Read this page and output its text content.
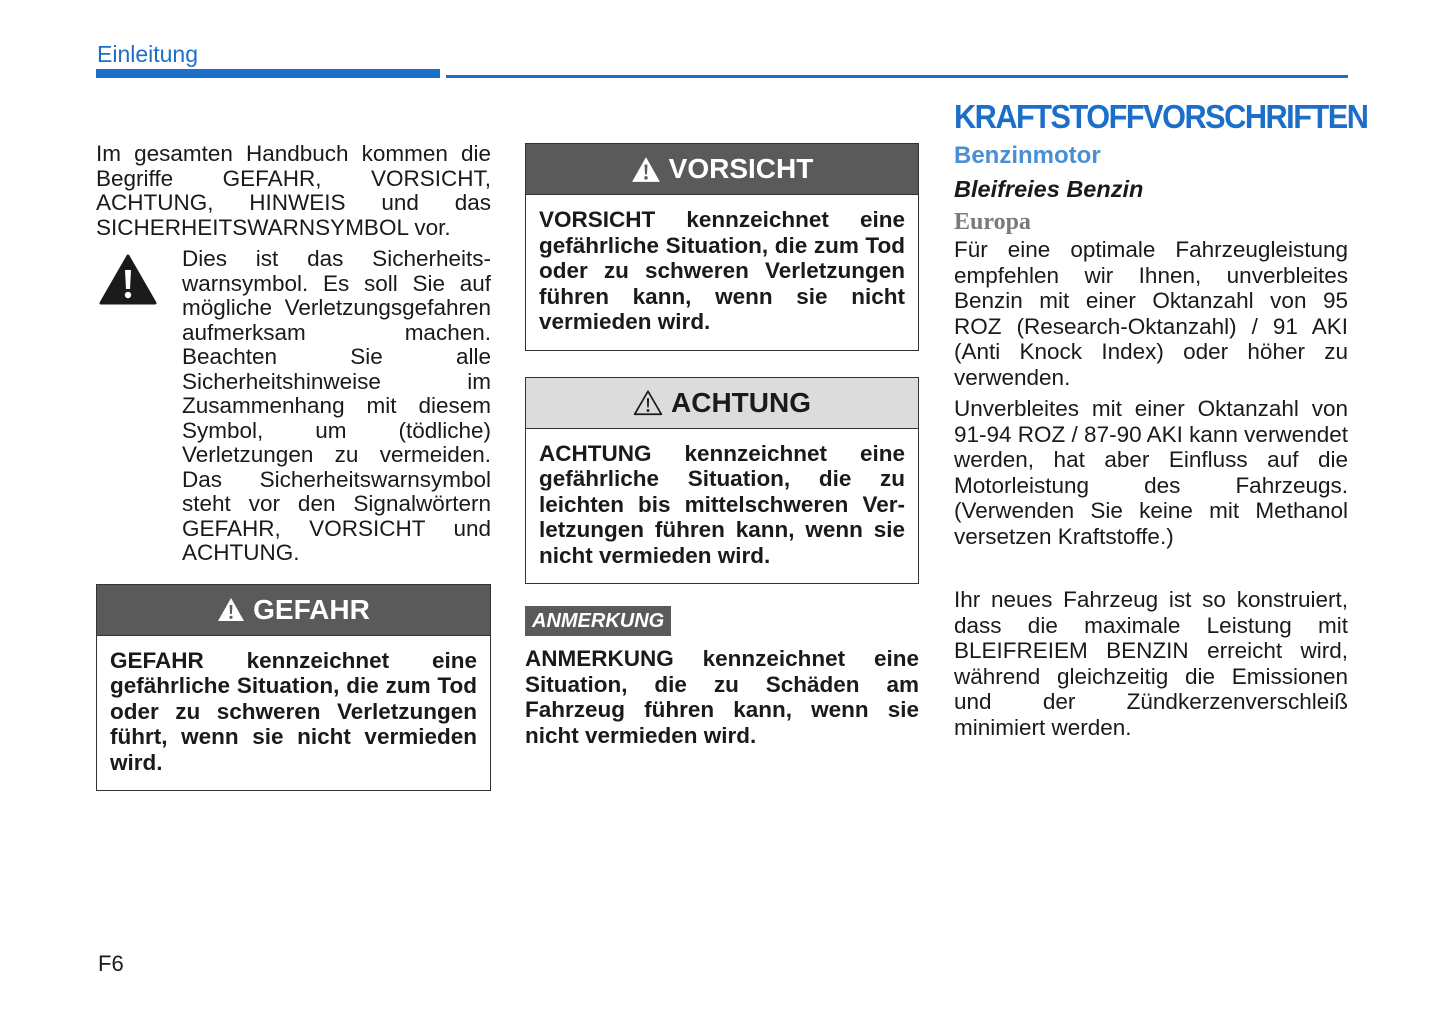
Einleitung

Im gesamten Handbuch kommen die Begriffe GEFAHR, VORSICHT, ACHTUNG, HINWEIS und das SICHERHEITSWARNSYMBOL vor.

Dies ist das Sicherheitswarnsymbol. Es soll Sie auf mögliche Verletzungsgefahren aufmerksam machen. Beachten Sie alle Sicherheitshinweise im Zusammenhang mit diesem Symbol, um (tödliche) Verletzungen zu vermeiden. Das Sicherheitswarnsymbol steht vor den Signalwörtern GEFAHR, VORSICHT und ACHTUNG.

GEFAHR
GEFAHR kennzeichnet eine gefährliche Situation, die zum Tod oder zu schweren Verletzungen führt, wenn sie nicht vermieden wird.
VORSICHT
VORSICHT kennzeichnet eine gefährliche Situation, die zum Tod oder zu schweren Verletzungen führen kann, wenn sie nicht vermieden wird.
ACHTUNG
ACHTUNG kennzeichnet eine gefährliche Situation, die zu leichten bis mittelschweren Verletzungen führen kann, wenn sie nicht vermieden wird.
ANMERKUNG
ANMERKUNG kennzeichnet eine Situation, die zu Schäden am Fahrzeug führen kann, wenn sie nicht vermieden wird.
KRAFTSTOFFVORSCHRIFTEN
Benzinmotor
Bleifreies Benzin
Europa

Für eine optimale Fahrzeugleistung empfehlen wir Ihnen, unverbleites Benzin mit einer Oktanzahl von 95 ROZ (Research-Oktanzahl) / 91 AKI (Anti Knock Index) oder höher zu verwenden.

Unverbleites mit einer Oktanzahl von 91-94 ROZ / 87-90 AKI kann verwendet werden, hat aber Einfluss auf die Motorleistung des Fahrzeugs. (Verwenden Sie keine mit Methanol versetzen Kraftstoffe.)

Ihr neues Fahrzeug ist so konstruiert, dass die maximale Leistung mit BLEIFREIEM BENZIN erreicht wird, während gleichzeitig die Emissionen und der Zündkerzenverschleiß minimiert werden.

F6
